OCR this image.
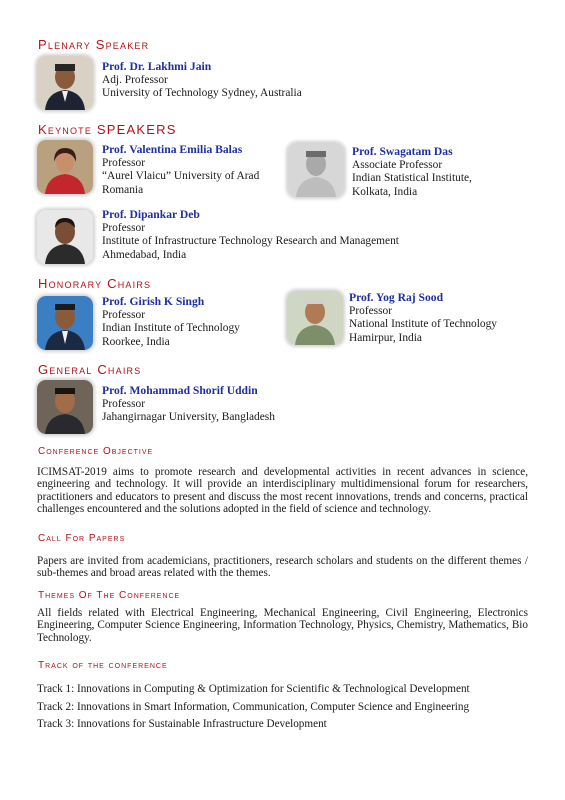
Plenary Speaker
Prof. Dr. Lakhmi Jain
Adj. Professor
University of Technology Sydney, Australia
Keynote SPEAKERS
Prof. Valentina Emilia Balas
Professor
“Aurel Vlaicu” University of Arad
Romania
Prof. Swagatam Das
Associate Professor
Indian Statistical Institute,
Kolkata, India
Prof. Dipankar Deb
Professor
Institute of Infrastructure Technology Research and Management
Ahmedabad, India
Honorary Chairs
Prof. Girish K Singh
Professor
Indian Institute of Technology
Roorkee, India
Prof. Yog Raj Sood
Professor
National Institute of Technology
Hamirpur, India
General Chairs
Prof. Mohammad Shorif Uddin
Professor
Jahangirnagar University, Bangladesh
Conference Objective
ICIMSAT-2019 aims to promote research and developmental activities in recent advances in science, engineering and technology. It will provide an interdisciplinary multidimensional forum for researchers, practitioners and educators to present and discuss the most recent innovations, trends and concerns, practical challenges encountered and the solutions adopted in the field of science and technology.
Call For Papers
Papers are invited from academicians, practitioners, research scholars and students on the different themes / sub-themes and broad areas related with the themes.
Themes Of The Conference
All fields related with Electrical Engineering, Mechanical Engineering, Civil Engineering, Electronics Engineering, Computer Science Engineering, Information Technology, Physics, Chemistry, Mathematics, Bio Technology.
Track of the conference
Track 1: Innovations in Computing & Optimization for Scientific & Technological Development
Track 2: Innovations in Smart Information, Communication, Computer Science and Engineering
Track 3: Innovations for Sustainable Infrastructure Development
